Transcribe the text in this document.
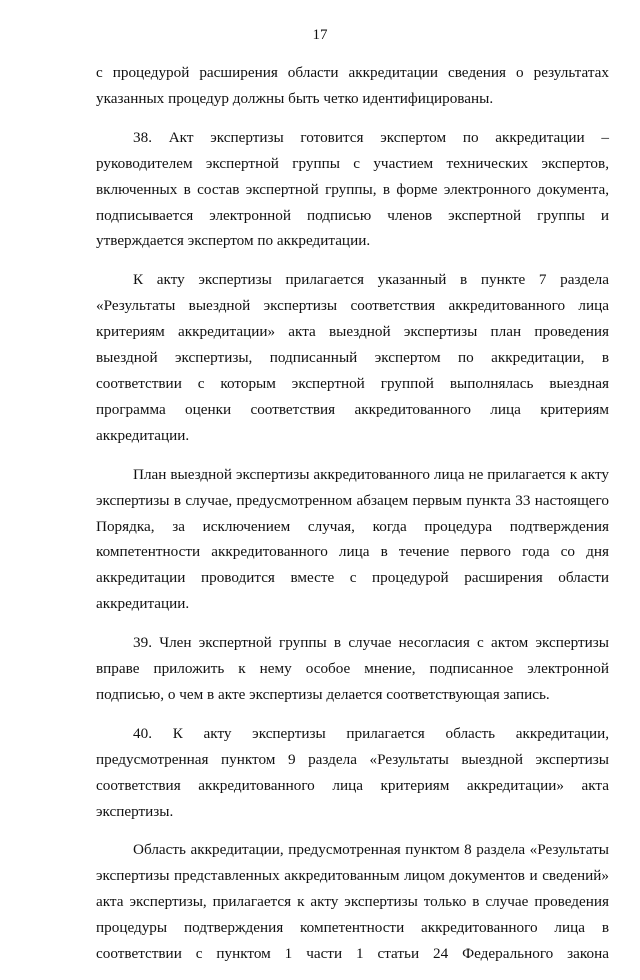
17

с процедурой расширения области аккредитации сведения о результатах указанных процедур должны быть четко идентифицированы.

38. Акт экспертизы готовится экспертом по аккредитации – руководителем экспертной группы с участием технических экспертов, включенных в состав экспертной группы, в форме электронного документа, подписывается электронной подписью членов экспертной группы и утверждается экспертом по аккредитации.

К акту экспертизы прилагается указанный в пункте 7 раздела «Результаты выездной экспертизы соответствия аккредитованного лица критериям аккредитации» акта выездной экспертизы план проведения выездной экспертизы, подписанный экспертом по аккредитации, в соответствии с которым экспертной группой выполнялась выездная программа оценки соответствия аккредитованного лица критериям аккредитации.

План выездной экспертизы аккредитованного лица не прилагается к акту экспертизы в случае, предусмотренном абзацем первым пункта 33 настоящего Порядка, за исключением случая, когда процедура подтверждения компетентности аккредитованного лица в течение первого года со дня аккредитации проводится вместе с процедурой расширения области аккредитации.

39. Член экспертной группы в случае несогласия с актом экспертизы вправе приложить к нему особое мнение, подписанное электронной подписью, о чем в акте экспертизы делается соответствующая запись.

40. К акту экспертизы прилагается область аккредитации, предусмотренная пунктом 9 раздела «Результаты выездной экспертизы соответствия аккредитованного лица критериям аккредитации» акта экспертизы.

Область аккредитации, предусмотренная пунктом 8 раздела «Результаты экспертизы представленных аккредитованным лицом документов и сведений» акта экспертизы, прилагается к акту экспертизы только в случае проведения процедуры подтверждения компетентности аккредитованного лица в соответствии с пунктом 1 части 1 статьи 24 Федерального закона
